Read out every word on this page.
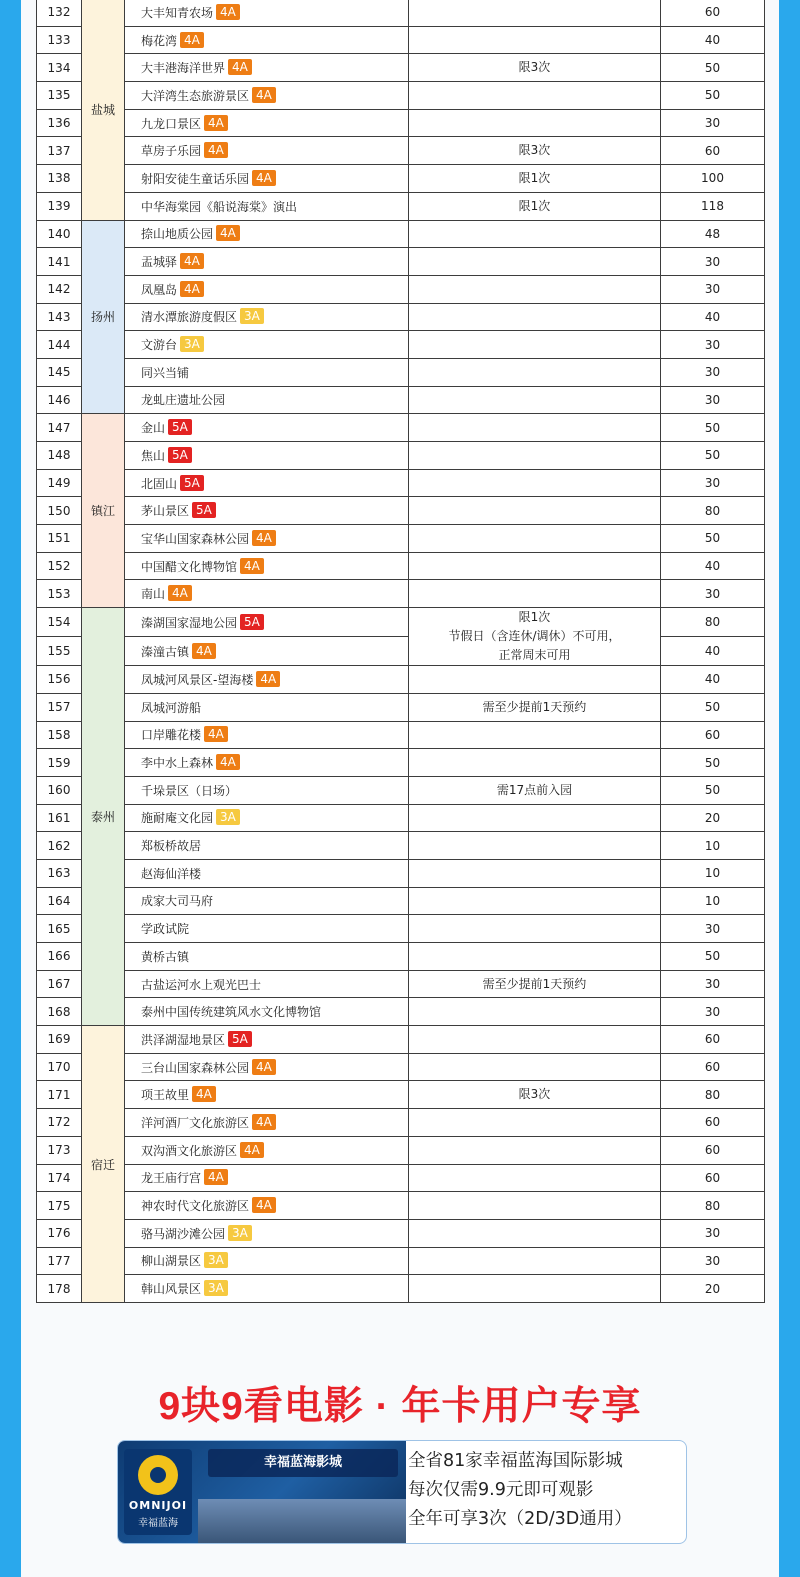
132	盐城	大丰知青农场 4A		60
133		梅花湾 4A		40
134		大丰港海洋世界 4A	限3次	50
135		大洋湾生态旅游景区 4A		50
136		九龙口景区 4A		30
137		草房子乐园 4A	限3次	60
138		射阳安徒生童话乐园 4A	限1次	100
139		中华海棠园《船说海棠》演出	限1次	118
140	扬州	捺山地质公园 4A		48
141		盂城驿 4A		30
142		凤凰岛 4A		30
143		清水潭旅游度假区 3A		40
144		文游台 3A		30
145		同兴当铺		30
146		龙虬庄遗址公园		30
147	镇江	金山 5A		50
148		焦山 5A		50
149		北固山 5A		30
150		茅山景区 5A		80
151		宝华山国家森林公园 4A		50
152		中国醋文化博物馆 4A		40
153		南山 4A		30
154	泰州	溱湖国家湿地公园 5A	限1次
节假日（含连休/调休）不可用，
正常周末可用	80
155		溱潼古镇 4A		40
156		凤城河风景区-望海楼 4A		40
157		凤城河游船	需至少提前1天预约	50
158		口岸雕花楼 4A		60
159		李中水上森林 4A		50
160		千垛景区（日场）	需17点前入园	50
161		施耐庵文化园 3A		20
162		郑板桥故居		10
163		赵海仙洋楼		10
164		成家大司马府		10
165		学政试院		30
166		黄桥古镇		50
167		古盐运河水上观光巴士	需至少提前1天预约	30
168		泰州中国传统建筑风水文化博物馆		30
169	宿迁	洪泽湖湿地景区 5A		60
170		三台山国家森林公园 4A		60
171		项王故里 4A	限3次	80
172		洋河酒厂文化旅游区 4A		60
173		双沟酒文化旅游区 4A		60
174		龙王庙行宫 4A		60
175		神农时代文化旅游区 4A		80
176		骆马湖沙滩公园 3A		30
177		柳山湖景区 3A		30
178		韩山风景区 3A		20
9块9看电影 · 年卡用户专享
幸福蓝海影城
OMNIJOI
幸福蓝海
全省81家幸福蓝海国际影城
每次仅需9.9元即可观影
全年可享3次（2D/3D通用）
